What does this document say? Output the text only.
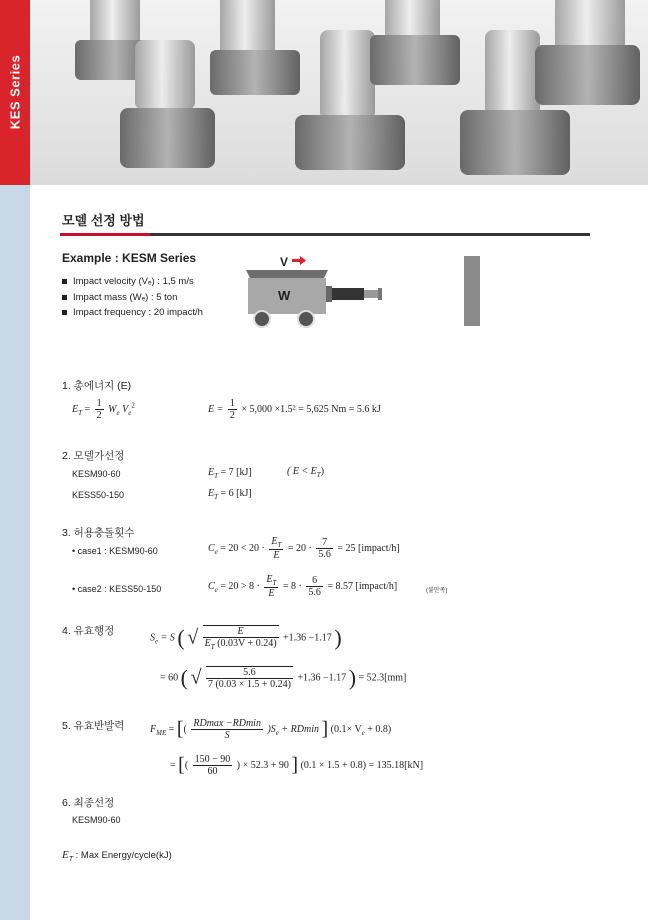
KES Series
모델 선정 방법
Example : KESM Series
Impact velocity (Vₑ) : 1,5 m/s
Impact mass (Wₑ) : 5 ton
Impact frequency : 20 impact/h
V
W
1. 총에너지 (E)
$E_T = \frac{1}{2} W_e$ $V_e^2$	$E = \frac{1}{2} \times 5,000 \times 1.5^2 = 5,625$ Nm = 5.6 kJ
2. 모델가선정
KESM90-60	$E_T = 7$ [kJ]	( $E < E_T$)
KESS50-150	$E_T = 6$ [kJ]
3. 허용충돌횟수
• case1 : KESM90-60	$C_e = 20 < 20 \cdot \frac{E_T}{E} = 20 \cdot \frac{7}{5.6} = 25$ [impact/h]
• case2 : KESS50-150	$C_e = 20 > 8 \cdot \frac{E_T}{E} = 8 \cdot \frac{6}{5.6} = 8.57$ [impact/h]	(불만족)
4. 유효행정
$S_e = S$ ( √ $\frac{E}{E_T (0.03V + 0.24)} +1.36 -1.17$ )
= 60 ( √ $\frac{5.6}{7 (0.03 \times 1.5 + 0.24)} +1.36 -1.17$ ) = 52.3[mm]
5. 유효반발력	$F_{ME}$ = [( $\frac{RDmax -RDmin}{S} )S_e + RDmin$ ] $(0.1\times V_e + 0.8)$
= [( $\frac{150 - 90}{60}$ ) × 52.3 + 90 ] (0.1 × 1.5 + 0.8) = 135.18[kN]
6. 최종선정
KESM90-60
$E_T$ : Max Energy/cycle(kJ)
